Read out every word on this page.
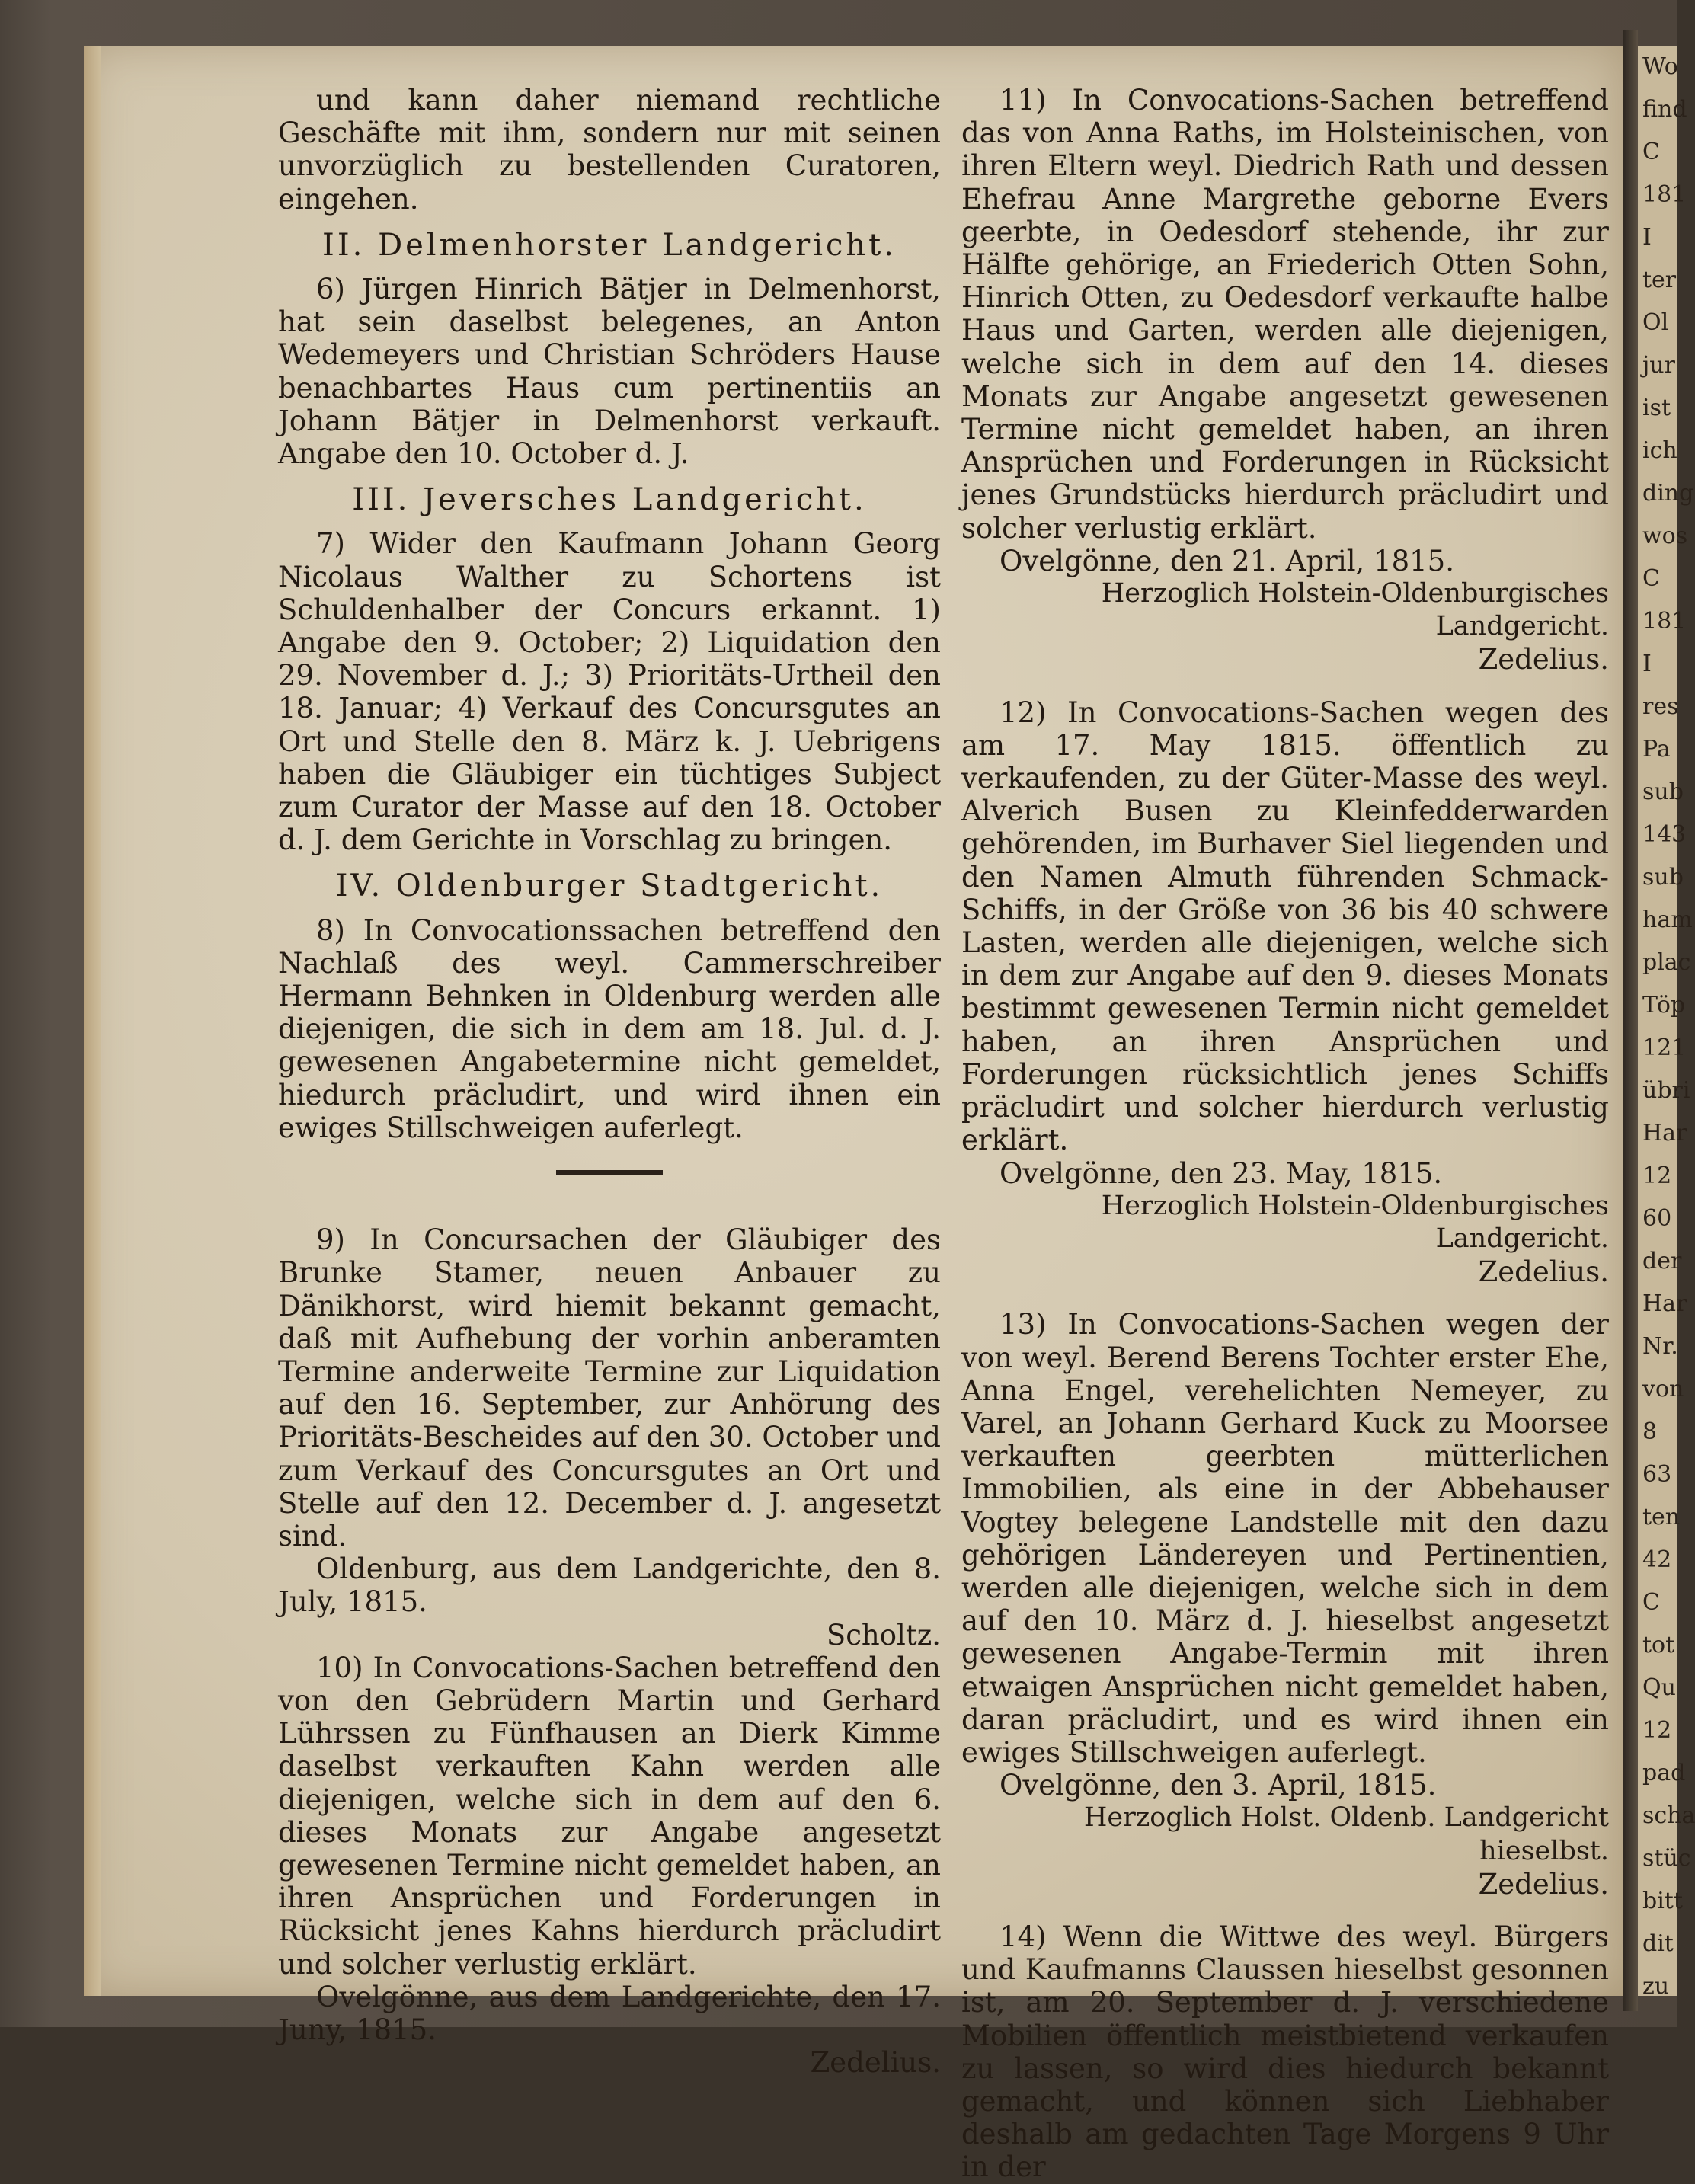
und kann daher niemand rechtliche Geschäfte mit ihm, sondern nur mit seinen unvorzüglich zu bestellenden Curatoren, eingehen.

II. Delmenhorster Landgericht.

6) Jürgen Hinrich Bätjer in Delmenhorst, hat sein daselbst belegenes, an Anton Wedemeyers und Christian Schröders Hause benachbartes Haus cum pertinentiis an Johann Bätjer in Delmenhorst verkauft. Angabe den 10. October d. J.

III. Jeversches Landgericht.

7) Wider den Kaufmann Johann Georg Nicolaus Walther zu Schortens ist Schuldenhalber der Concurs erkannt. 1) Angabe den 9. October; 2) Liquidation den 29. November d. J.; 3) Prioritäts-Urtheil den 18. Januar; 4) Verkauf des Concursgutes an Ort und Stelle den 8. März k. J. Uebrigens haben die Gläubiger ein tüchtiges Subject zum Curator der Masse auf den 18. October d. J. dem Gerichte in Vorschlag zu bringen.

IV. Oldenburger Stadtgericht.

8) In Convocationssachen betreffend den Nachlaß des weyl. Cammerschreiber Hermann Behnken in Oldenburg werden alle diejenigen, die sich in dem am 18. Jul. d. J. gewesenen Angabetermine nicht gemeldet, hiedurch präcludirt, und wird ihnen ein ewiges Stillschweigen auferlegt.

9) In Concursachen der Gläubiger des Brunke Stamer, neuen Anbauer zu Dänikhorst, wird hiemit bekannt gemacht, daß mit Aufhebung der vorhin anberamten Termine anderweite Termine zur Liquidation auf den 16. September, zur Anhörung des Prioritäts-Bescheides auf den 30. October und zum Verkauf des Concursgutes an Ort und Stelle auf den 12. December d. J. angesetzt sind.

Oldenburg, aus dem Landgerichte, den 8. July, 1815.

Scholtz.

10) In Convocations-Sachen betreffend den von den Gebrüdern Martin und Gerhard Lührssen zu Fünfhausen an Dierk Kimme daselbst verkauften Kahn werden alle diejenigen, welche sich in dem auf den 6. dieses Monats zur Angabe angesetzt gewesenen Termine nicht gemeldet haben, an ihren Ansprüchen und Forderungen in Rücksicht jenes Kahns hierdurch präcludirt und solcher verlustig erklärt.

Ovelgönne, aus dem Landgerichte, den 17. Juny, 1815.

Zedelius.

11) In Convocations-Sachen betreffend das von Anna Raths, im Holsteinischen, von ihren Eltern weyl. Diedrich Rath und dessen Ehefrau Anne Margrethe geborne Evers geerbte, in Oedesdorf stehende, ihr zur Hälfte gehörige, an Friederich Otten Sohn, Hinrich Otten, zu Oedesdorf verkaufte halbe Haus und Garten, werden alle diejenigen, welche sich in dem auf den 14. dieses Monats zur Angabe angesetzt gewesenen Termine nicht gemeldet haben, an ihren Ansprüchen und Forderungen in Rücksicht jenes Grundstücks hierdurch präcludirt und solcher verlustig erklärt.

Ovelgönne, den 21. April, 1815.

Herzoglich Holstein-Oldenburgisches Landgericht.

Zedelius.

12) In Convocations-Sachen wegen des am 17. May 1815. öffentlich zu verkaufenden, zu der Güter-Masse des weyl. Alverich Busen zu Kleinfedderwarden gehörenden, im Burhaver Siel liegenden und den Namen Almuth führenden Schmack-Schiffs, in der Größe von 36 bis 40 schwere Lasten, werden alle diejenigen, welche sich in dem zur Angabe auf den 9. dieses Monats bestimmt gewesenen Termin nicht gemeldet haben, an ihren Ansprüchen und Forderungen rücksichtlich jenes Schiffs präcludirt und solcher hierdurch verlustig erklärt.

Ovelgönne, den 23. May, 1815.

Herzoglich Holstein-Oldenburgisches Landgericht.

Zedelius.

13) In Convocations-Sachen wegen der von weyl. Berend Berens Tochter erster Ehe, Anna Engel, verehelichten Nemeyer, zu Varel, an Johann Gerhard Kuck zu Moorsee verkauften geerbten mütterlichen Immobilien, als eine in der Abbehauser Vogtey belegene Landstelle mit den dazu gehörigen Ländereyen und Pertinentien, werden alle diejenigen, welche sich in dem auf den 10. März d. J. hieselbst angesetzt gewesenen Angabe-Termin mit ihren etwaigen Ansprüchen nicht gemeldet haben, daran präcludirt, und es wird ihnen ein ewiges Stillschweigen auferlegt.

Ovelgönne, den 3. April, 1815.

Herzoglich Holst. Oldenb. Landgericht hieselbst.

Zedelius.

14) Wenn die Wittwe des weyl. Bürgers und Kaufmanns Claussen hieselbst gesonnen ist, am 20. September d. J. verschiedene Mobilien öffentlich meistbietend verkaufen zu lassen, so wird dies hiedurch bekannt gemacht, und können sich Liebhaber deshalb am gedachten Tage Morgens 9 Uhr in der

Wo
find
C
181
I
ter
Ol
jur
ist
ich
ding
wos
C
181
I
res
Pa
sub
143
sub
ham
plac
Töp
121
übri
Har
12
60
der
Har
Nr.
von
8
63
ten
42
C
tot
Qu
12
pad
scha
stüc
bitt
dit
zu
